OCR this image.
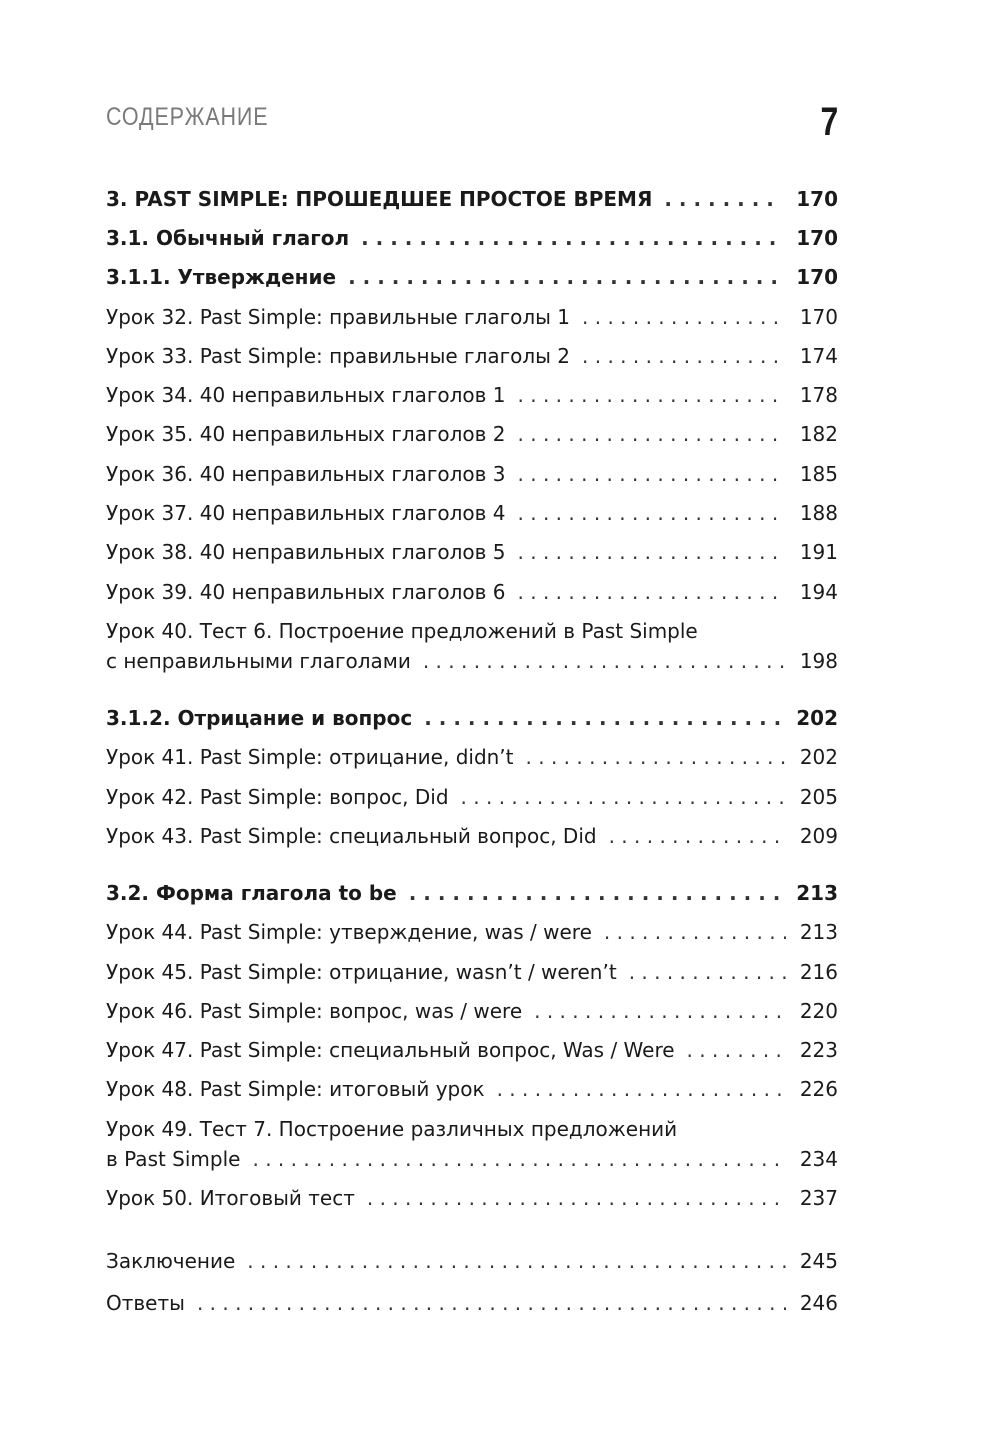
СОДЕРЖАНИЕ	7
3. PAST SIMPLE: ПРОШЕДШЕЕ ПРОСТОЕ ВРЕМЯ . . .	170
3.1. Обычный глагол . . .	170
3.1.1. Утверждение . . .	170
Урок 32. Past Simple: правильные глаголы 1 . . .	170
Урок 33. Past Simple: правильные глаголы 2 . . .	174
Урок 34. 40 неправильных глаголов 1 . . .	178
Урок 35. 40 неправильных глаголов 2 . . .	182
Урок 36. 40 неправильных глаголов 3 . . .	185
Урок 37. 40 неправильных глаголов 4 . . .	188
Урок 38. 40 неправильных глаголов 5 . . .	191
Урок 39. 40 неправильных глаголов 6 . . .	194
Урок 40. Тест 6. Построение предложений в Past Simple
с неправильными глаголами . . .	198
3.1.2. Отрицание и вопрос . . .	202
Урок 41. Past Simple: отрицание, didn’t . . .	202
Урок 42. Past Simple: вопрос, Did . . .	205
Урок 43. Past Simple: специальный вопрос, Did . . .	209
3.2. Форма глагола to be . . .	213
Урок 44. Past Simple: утверждение, was / were . . .	213
Урок 45. Past Simple: отрицание, wasn’t / weren’t . . .	216
Урок 46. Past Simple: вопрос, was / were . . .	220
Урок 47. Past Simple: специальный вопрос, Was / Were . . .	223
Урок 48. Past Simple: итоговый урок . . .	226
Урок 49. Тест 7. Построение различных предложений
в Past Simple . . .	234
Урок 50. Итоговый тест . . .	237
Заключение . . .	245
Ответы . . .	246
